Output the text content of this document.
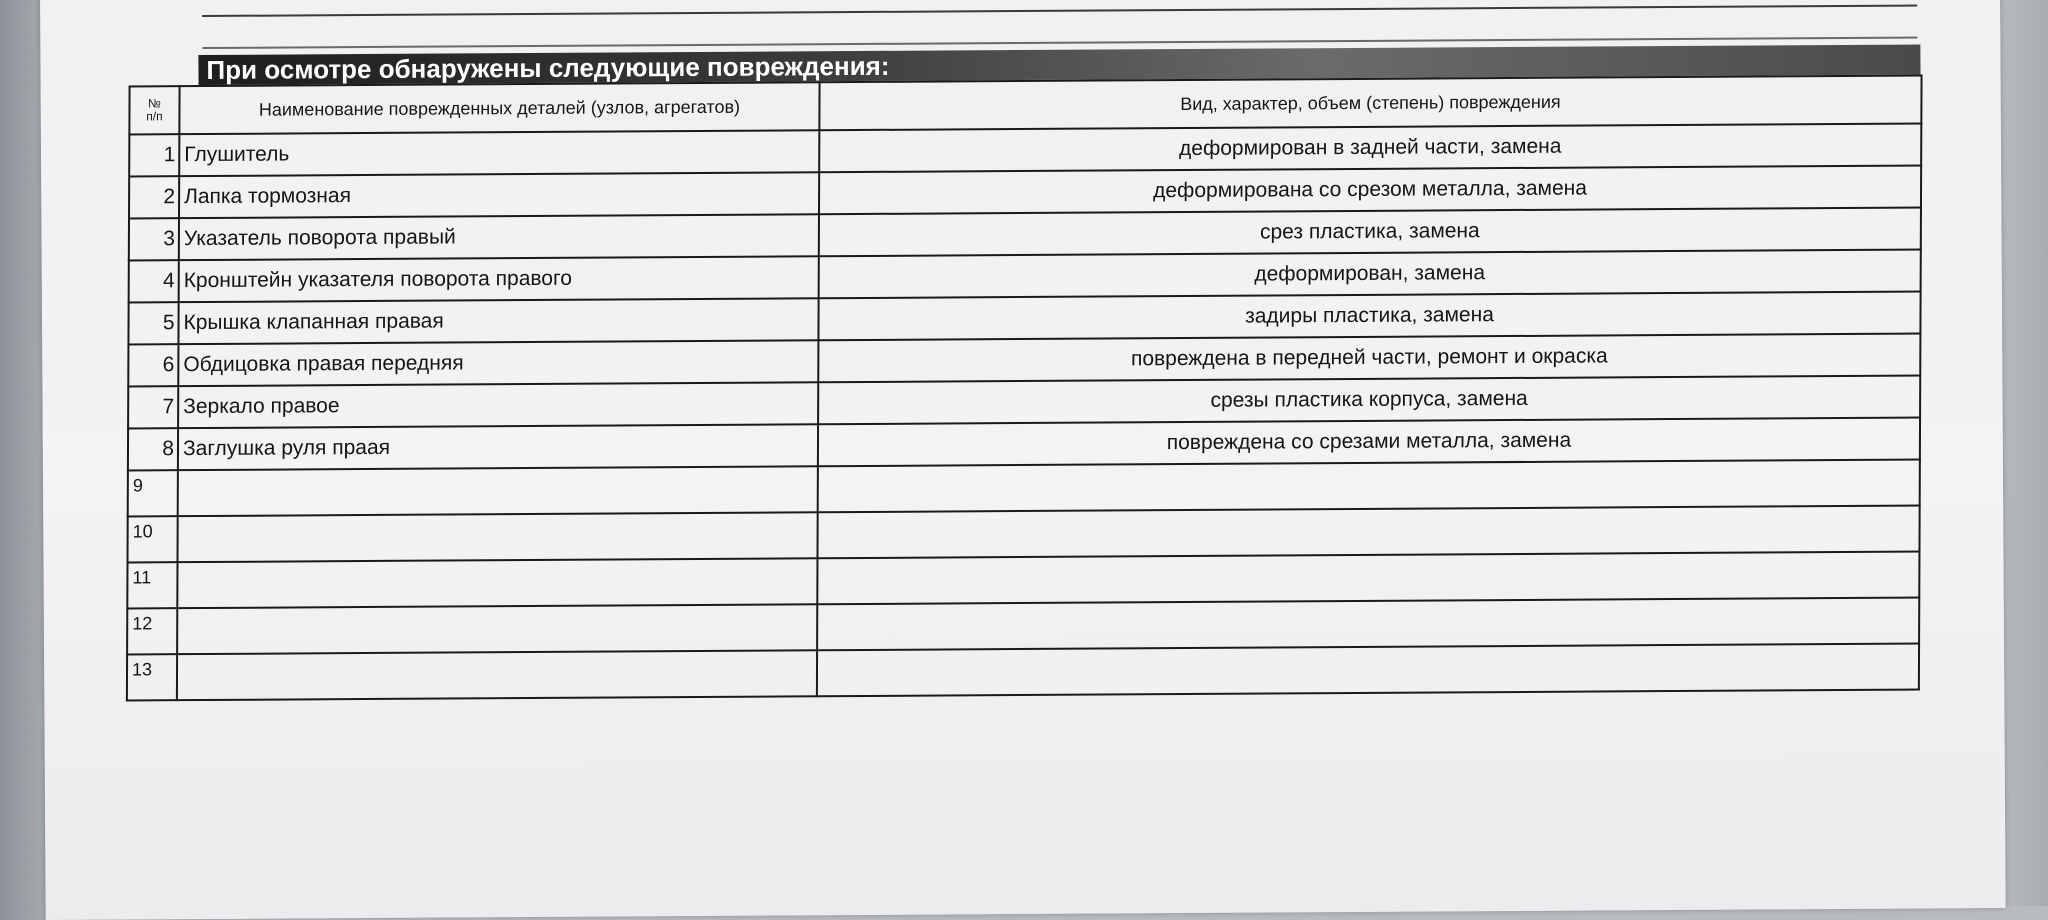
При осмотре обнаружены следующие повреждения:
№
п/п	Наименование поврежденных деталей (узлов, агрегатов)	Вид, характер, объем (степень) повреждения
1	Глушитель	деформирован в задней части, замена
2	Лапка тормозная	деформирована со срезом металла, замена
3	Указатель поворота правый	срез пластика, замена
4	Кронштейн указателя поворота правого	деформирован, замена
5	Крышка клапанная правая	задиры пластика, замена
6	Обдицовка правая передняя	повреждена в передней части, ремонт и окраска
7	Зеркало правое	срезы пластика корпуса, замена
8	Заглушка руля праая	повреждена со срезами металла, замена
9		
10		
11		
12		
13		
